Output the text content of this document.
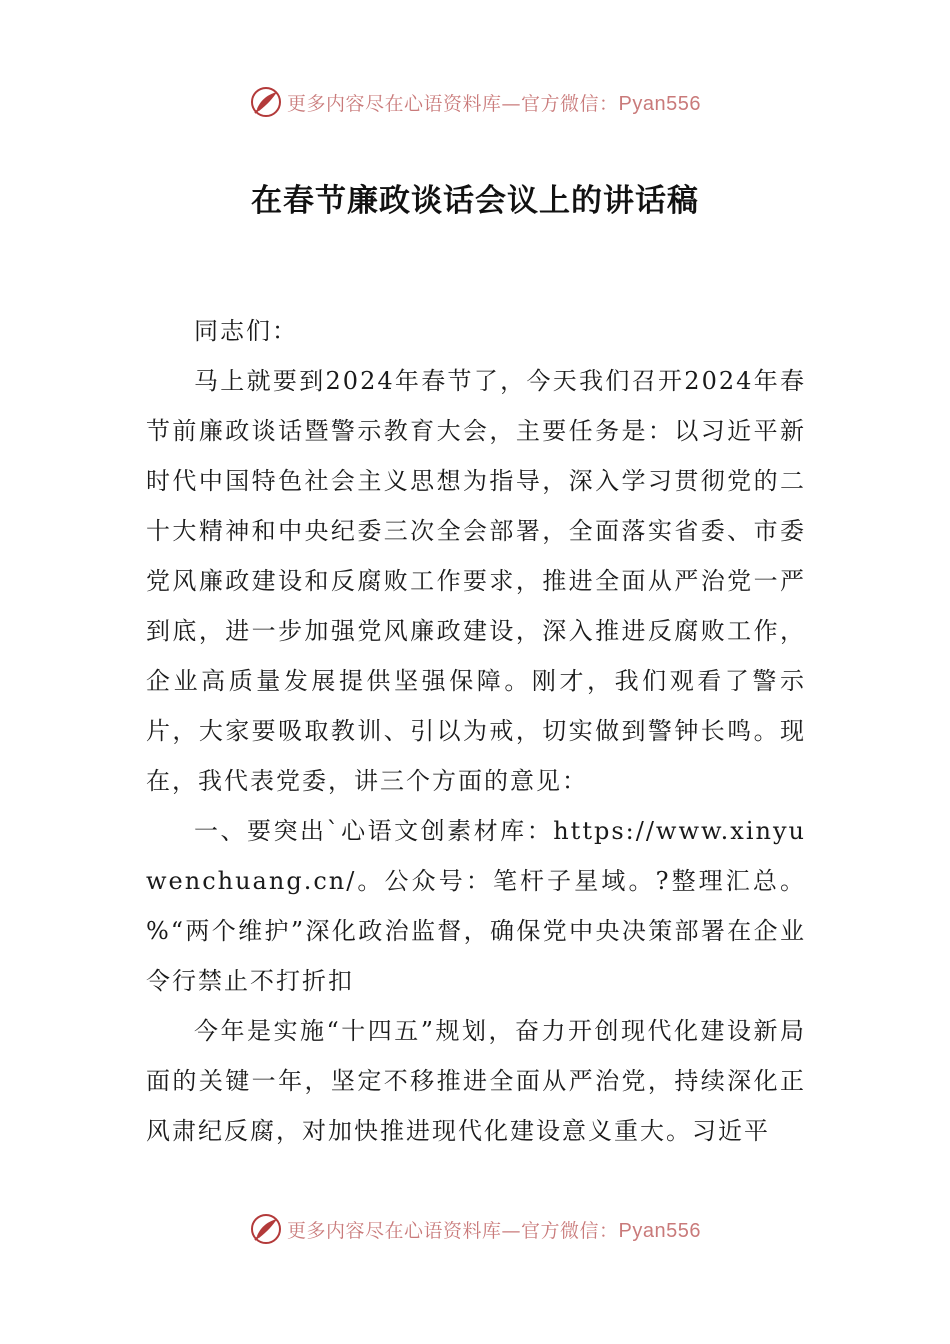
更多内容尽在心语资料库—官方微信：Pyan556
在春节廉政谈话会议上的讲话稿

同志们：

马上就要到2024年春节了，今天我们召开2024年春节前廉政谈话暨警示教育大会，主要任务是：以习近平新时代中国特色社会主义思想为指导，深入学习贯彻党的二十大精神和中央纪委三次全会部署，全面落实省委、市委党风廉政建设和反腐败工作要求，推进全面从严治党一严到底，进一步加强党风廉政建设，深入推进反腐败工作，企业高质量发展提供坚强保障。刚才，我们观看了警示片，大家要吸取教训、引以为戒，切实做到警钟长鸣。现在，我代表党委，讲三个方面的意见：

一、要突出`心语文创素材库：https://www.xinyuwenchuang.cn/。公众号：笔杆子星域。?整理汇总。%“两个维护”深化政治监督，确保党中央决策部署在企业令行禁止不打折扣

今年是实施“十四五”规划，奋力开创现代化建设新局面的关键一年，坚定不移推进全面从严治党，持续深化正风肃纪反腐，对加快推进现代化建设意义重大。习近平

更多内容尽在心语资料库—官方微信：Pyan556
